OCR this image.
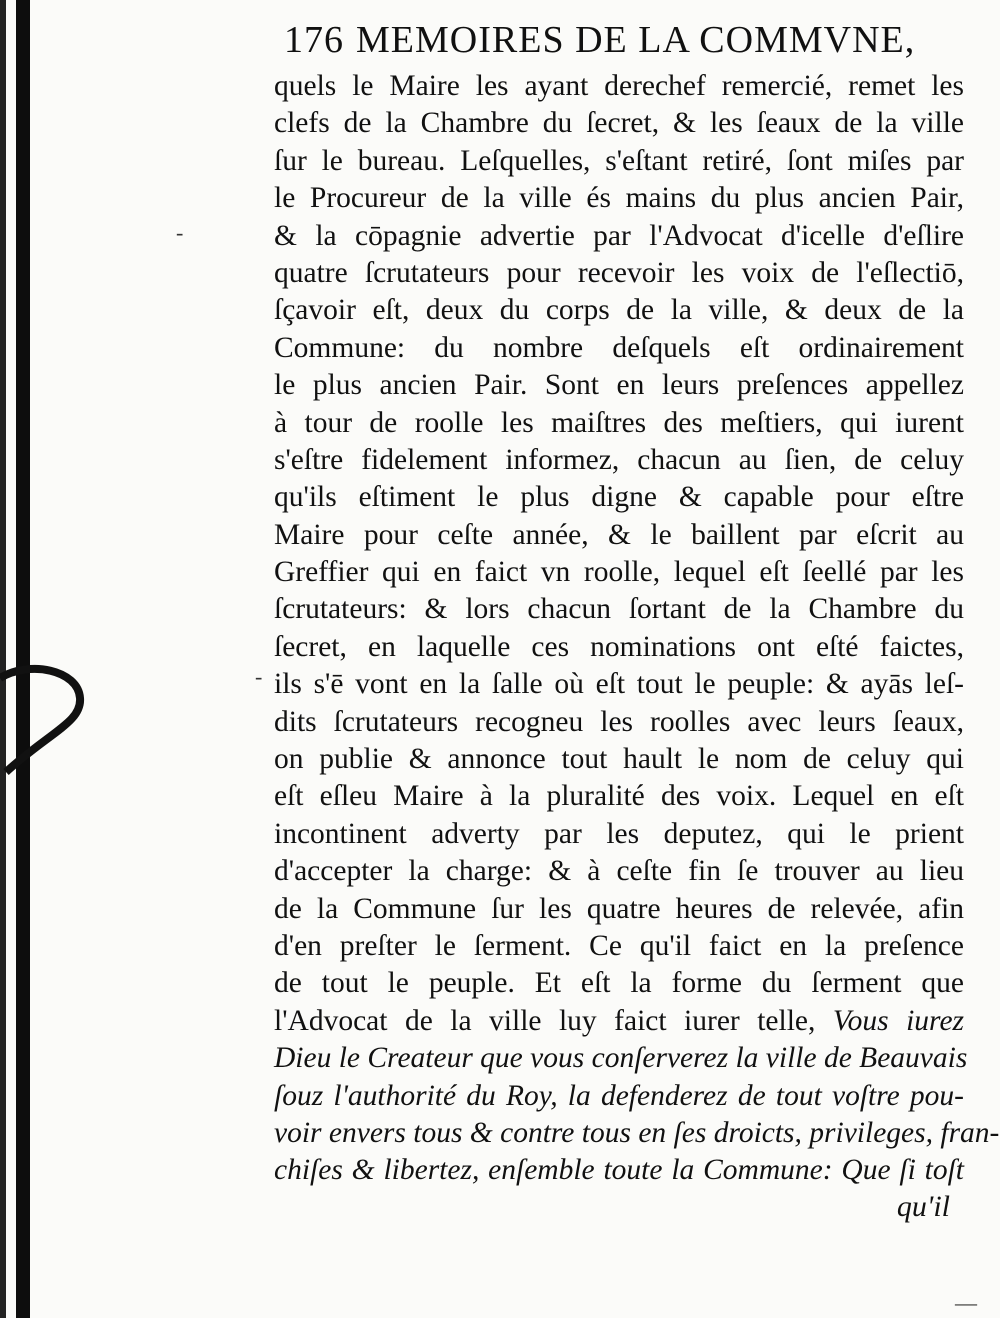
176 MEMOIRES DE LA COMMVNE,
quels le Maire les ayant derechef remercié, remet les
clefs de la Chambre du ſecret, & les ſeaux de la ville
ſur le bureau. Leſquelles, s'eſtant retiré, ſont miſes par
le Procureur de la ville és mains du plus ancien Pair,
& la cōpagnie advertie par l'Advocat d'icelle d'eſlire
quatre ſcrutateurs pour recevoir les voix de l'eſlectiō,
ſçavoir eſt, deux du corps de la ville, & deux de la
Commune: du nombre deſquels eſt ordinairement
le plus ancien Pair. Sont en leurs preſences appellez
à tour de roolle les maiſtres des meſtiers, qui iurent
s'eſtre fidelement informez, chacun au ſien, de celuy
qu'ils eſtiment le plus digne & capable pour eſtre
Maire pour ceſte année, & le baillent par eſcrit au
Greffier qui en faict vn roolle, lequel eſt ſeellé par les
ſcrutateurs: & lors chacun ſortant de la Chambre du
ſecret, en laquelle ces nominations ont eſté faictes,
ils s'ē vont en la ſalle où eſt tout le peuple: & ayās leſ-
dits ſcrutateurs recogneu les roolles avec leurs ſeaux,
on publie & annonce tout hault le nom de celuy qui
eſt eſleu Maire à la pluralité des voix. Lequel en eſt
incontinent adverty par les deputez, qui le prient
d'accepter la charge: & à ceſte fin ſe trouver au lieu
de la Commune ſur les quatre heures de relevée, afin
d'en preſter le ſerment. Ce qu'il faict en la preſence
de tout le peuple. Et eſt la forme du ſerment que
l'Advocat de la ville luy faict iurer telle, Vous iurez
Dieu le Createur que vous conſerverez la ville de Beauvais
ſouz l'authorité du Roy, la defenderez de tout voſtre pou-
voir envers tous & contre tous en ſes droicts, privileges, fran-
chiſes & libertez, enſemble toute la Commune: Que ſi toſt
qu'il
‐
-
—
